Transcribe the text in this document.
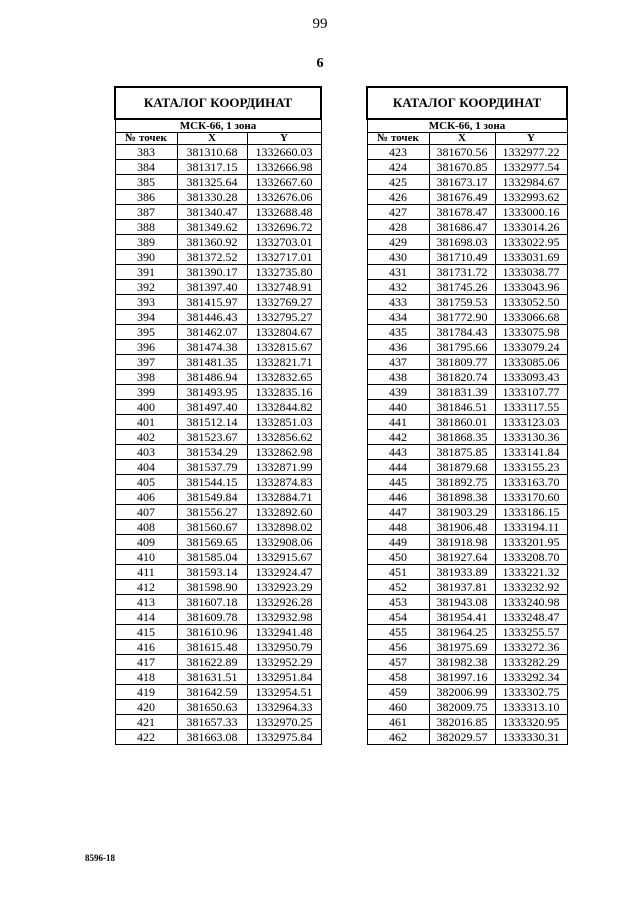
99
6
КАТАЛОГ КООРДИНАТ		
МСК-66, 1 зона		
№ точек	X	Y
383	381310.68	1332660.03
384	381317.15	1332666.98
385	381325.64	1332667.60
386	381330.28	1332676.06
387	381340.47	1332688.48
388	381349.62	1332696.72
389	381360.92	1332703.01
390	381372.52	1332717.01
391	381390.17	1332735.80
392	381397.40	1332748.91
393	381415.97	1332769.27
394	381446.43	1332795.27
395	381462.07	1332804.67
396	381474.38	1332815.67
397	381481.35	1332821.71
398	381486.94	1332832.65
399	381493.95	1332835.16
400	381497.40	1332844.82
401	381512.14	1332851.03
402	381523.67	1332856.62
403	381534.29	1332862.98
404	381537.79	1332871.99
405	381544.15	1332874.83
406	381549.84	1332884.71
407	381556.27	1332892.60
408	381560.67	1332898.02
409	381569.65	1332908.06
410	381585.04	1332915.67
411	381593.14	1332924.47
412	381598.90	1332923.29
413	381607.18	1332926.28
414	381609.78	1332932.98
415	381610.96	1332941.48
416	381615.48	1332950.79
417	381622.89	1332952.29
418	381631.51	1332951.84
419	381642.59	1332954.51
420	381650.63	1332964.33
421	381657.33	1332970.25
422	381663.08	1332975.84
КАТАЛОГ КООРДИНАТ		
МСК-66, 1 зона		
№ точек	X	Y
423	381670.56	1332977.22
424	381670.85	1332977.54
425	381673.17	1332984.67
426	381676.49	1332993.62
427	381678.47	1333000.16
428	381686.47	1333014.26
429	381698.03	1333022.95
430	381710.49	1333031.69
431	381731.72	1333038.77
432	381745.26	1333043.96
433	381759.53	1333052.50
434	381772.90	1333066.68
435	381784.43	1333075.98
436	381795.66	1333079.24
437	381809.77	1333085.06
438	381820.74	1333093.43
439	381831.39	1333107.77
440	381846.51	1333117.55
441	381860.01	1333123.03
442	381868.35	1333130.36
443	381875.85	1333141.84
444	381879.68	1333155.23
445	381892.75	1333163.70
446	381898.38	1333170.60
447	381903.29	1333186.15
448	381906.48	1333194.11
449	381918.98	1333201.95
450	381927.64	1333208.70
451	381933.89	1333221.32
452	381937.81	1333232.92
453	381943.08	1333240.98
454	381954.41	1333248.47
455	381964.25	1333255.57
456	381975.69	1333272.36
457	381982.38	1333282.29
458	381997.16	1333292.34
459	382006.99	1333302.75
460	382009.75	1333313.10
461	382016.85	1333320.95
462	382029.57	1333330.31
8596-18
